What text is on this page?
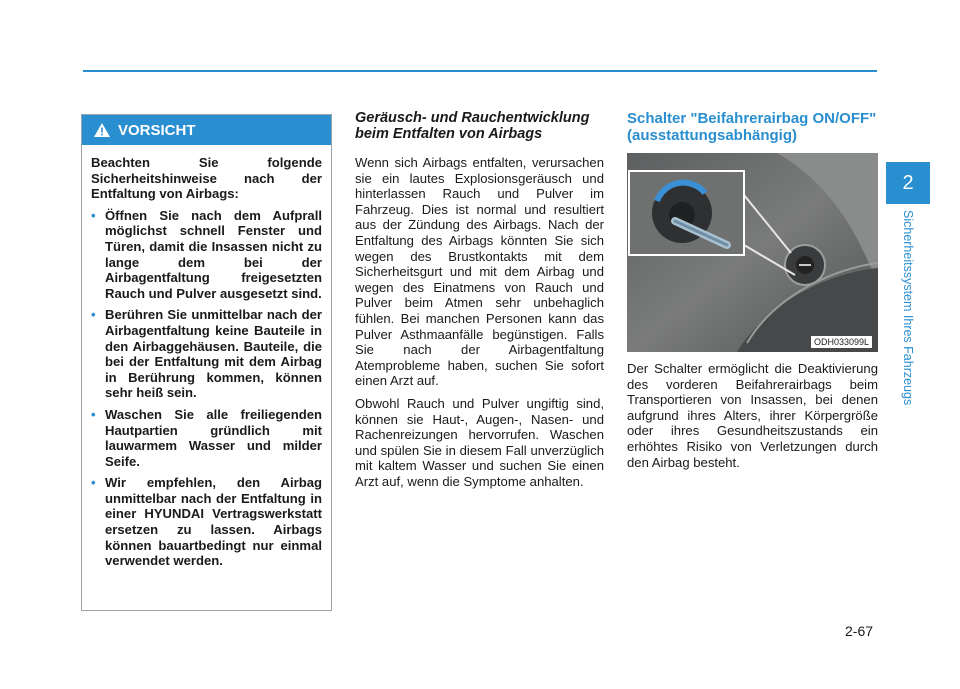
VORSICHT

Beachten Sie folgende Sicherheitshinweise nach der Entfaltung von Airbags:

• Öffnen Sie nach dem Aufprall möglichst schnell Fenster und Türen, damit die Insassen nicht zu lange dem bei der Airbagentfaltung freigesetzten Rauch und Pulver ausgesetzt sind.
• Berühren Sie unmittelbar nach der Airbagentfaltung keine Bauteile in den Airbaggehäusen. Bauteile, die bei der Entfaltung mit dem Airbag in Berührung kommen, können sehr heiß sein.
• Waschen Sie alle freiliegenden Hautpartien gründlich mit lauwarmem Wasser und milder Seife.
• Wir empfehlen, den Airbag unmittelbar nach der Entfaltung in einer HYUNDAI Vertragswerkstatt ersetzen zu lassen. Airbags können bauartbedingt nur einmal verwendet werden.
Geräusch- und Rauchentwicklung beim Entfalten von Airbags

Wenn sich Airbags entfalten, verursachen sie ein lautes Explosionsgeräusch und hinterlassen Rauch und Pulver im Fahrzeug. Dies ist normal und resultiert aus der Zündung des Airbags. Nach der Entfaltung des Airbags könnten Sie sich wegen des Brustkontakts mit dem Sicherheitsgurt und mit dem Airbag und wegen des Einatmens von Rauch und Pulver beim Atmen sehr unbehaglich fühlen. Bei manchen Personen kann das Pulver Asthmaanfälle begünstigen. Falls Sie nach der Airbagentfaltung Atemprobleme haben, suchen Sie sofort einen Arzt auf.

Obwohl Rauch und Pulver ungiftig sind, können sie Haut-, Augen-, Nasen- und Rachenreizungen hervorrufen. Waschen und spülen Sie in diesem Fall unverzüglich mit kaltem Wasser und suchen Sie einen Arzt auf, wenn die Symptome anhalten.

Schalter "Beifahrerairbag ON/OFF" (ausstattungsabhängig)
ODH033099L

Der Schalter ermöglicht die Deaktivierung des vorderen Beifahrerairbags beim Transportieren von Insassen, bei denen aufgrund ihres Alters, ihrer Körpergröße oder ihres Gesundheitszustands ein erhöhtes Risiko von Verletzungen durch den Airbag besteht.

2
Sicherheitssystem Ihres Fahrzeugs
2-67
